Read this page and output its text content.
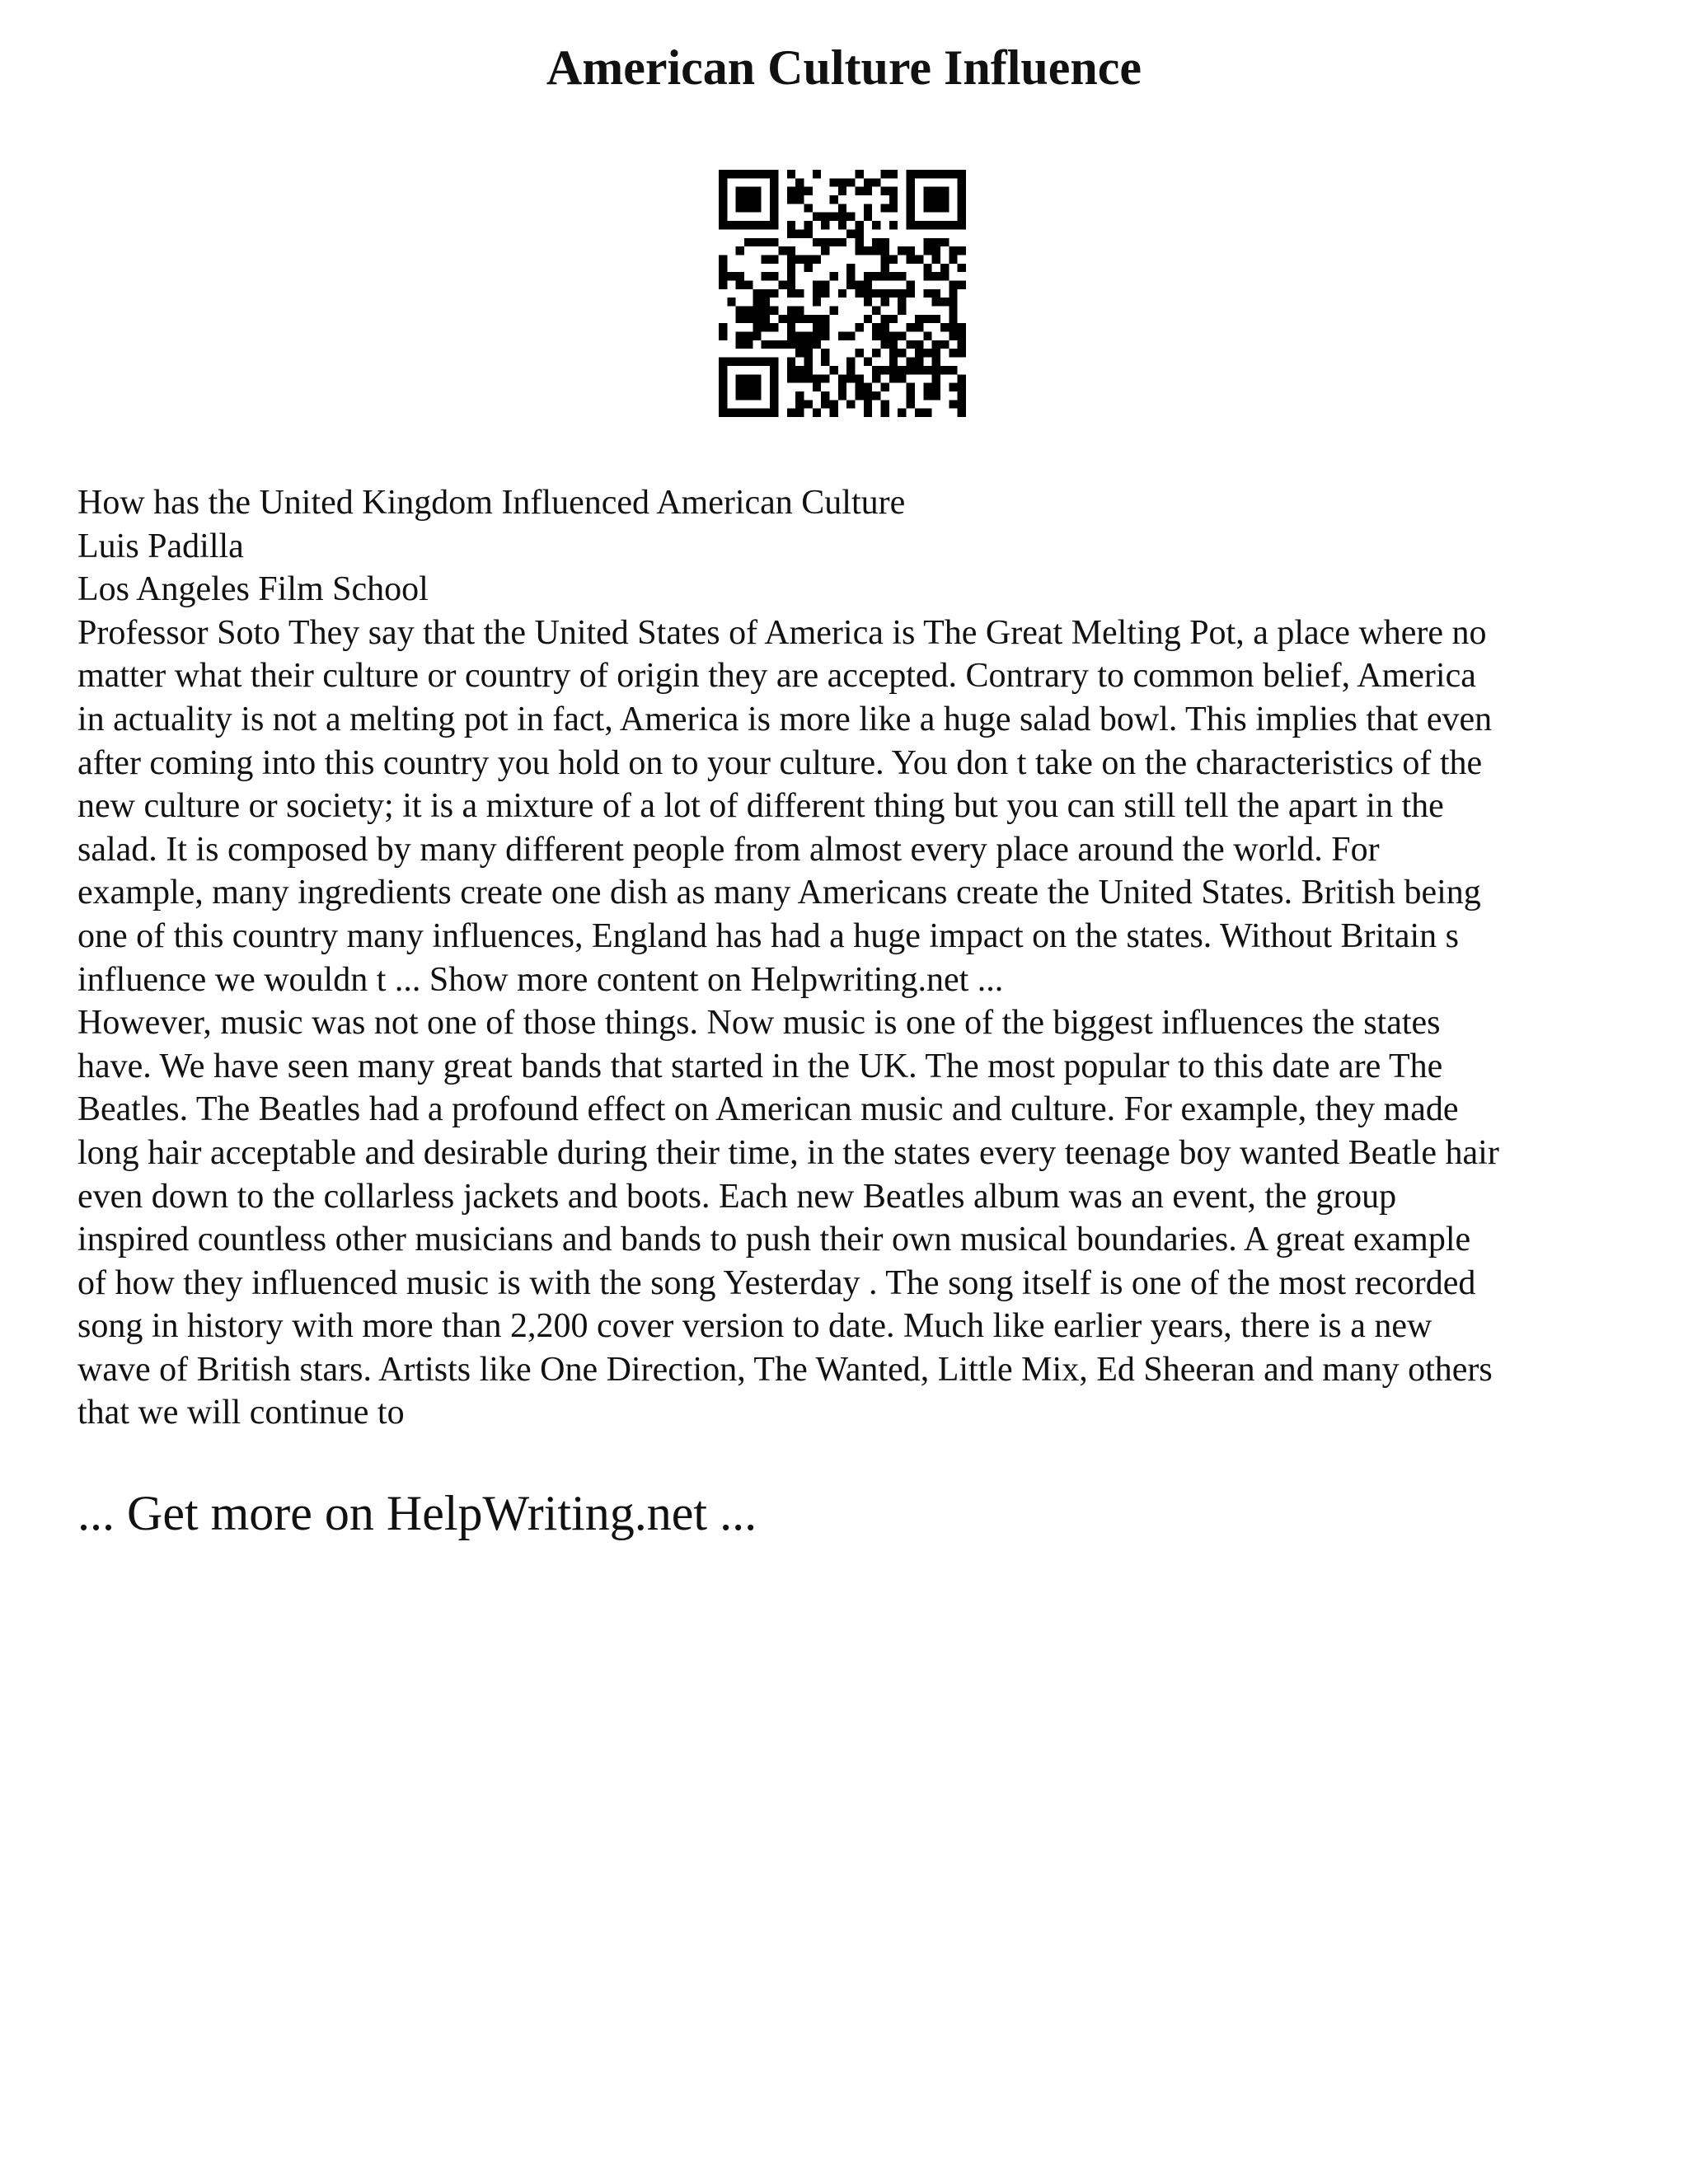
American Culture Influence
How has the United Kingdom Influenced American Culture
Luis Padilla
Los Angeles Film School
Professor Soto They say that the United States of America is The Great Melting Pot, a place where no
matter what their culture or country of origin they are accepted. Contrary to common belief, America
in actuality is not a melting pot in fact, America is more like a huge salad bowl. This implies that even
after coming into this country you hold on to your culture. You don t take on the characteristics of the
new culture or society; it is a mixture of a lot of different thing but you can still tell the apart in the
salad. It is composed by many different people from almost every place around the world. For
example, many ingredients create one dish as many Americans create the United States. British being
one of this country many influences, England has had a huge impact on the states. Without Britain s
influence we wouldn t ... Show more content on Helpwriting.net ...
However, music was not one of those things. Now music is one of the biggest influences the states
have. We have seen many great bands that started in the UK. The most popular to this date are The
Beatles. The Beatles had a profound effect on American music and culture. For example, they made
long hair acceptable and desirable during their time, in the states every teenage boy wanted Beatle hair
even down to the collarless jackets and boots. Each new Beatles album was an event, the group
inspired countless other musicians and bands to push their own musical boundaries. A great example
of how they influenced music is with the song Yesterday . The song itself is one of the most recorded
song in history with more than 2,200 cover version to date. Much like earlier years, there is a new
wave of British stars. Artists like One Direction, The Wanted, Little Mix, Ed Sheeran and many others
that we will continue to
... Get more on HelpWriting.net ...
